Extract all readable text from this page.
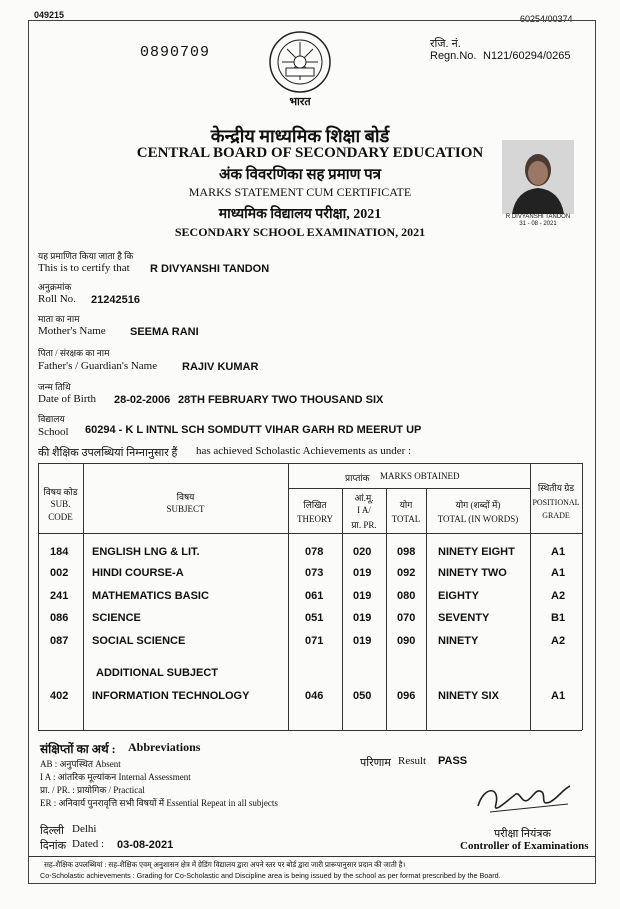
049215	60254/00374
0890709
भारत
रजि. नं.
Regn.No. N121/60294/0265
केन्द्रीय माध्यमिक शिक्षा बोर्ड
CENTRAL BOARD OF SECONDARY EDUCATION
अंक विवरणिका सह प्रमाण पत्र
MARKS STATEMENT CUM CERTIFICATE
माध्यमिक विद्यालय परीक्षा, 2021
SECONDARY SCHOOL EXAMINATION, 2021
R DIVYANSHI TANDON
31 - 08 - 2021
यह प्रमाणित किया जाता है कि
This is to certify that R DIVYANSHI TANDON
अनुक्रमांक
Roll No. 21242516
माता का नाम
Mother's Name SEEMA RANI
पिता / संरक्षक का नाम
Father's / Guardian's Name RAJIV KUMAR
जन्म तिथि
Date of Birth 28-02-2006 28TH FEBRUARY TWO THOUSAND SIX
विद्यालय
School 60294 - K L INTNL SCH SOMDUTT VIHAR GARH RD MEERUT UP
की शैक्षिक उपलब्धियां निम्नानुसार हैं has achieved Scholastic Achievements as under :
विषय कोड
SUB. CODE
विषय
SUBJECT
प्राप्तांक MARKS OBTAINED
लिखित
THEORY
आं.मू.
I A/
प्रा. PR.
योग
TOTAL
योग (शब्दों में)
TOTAL (IN WORDS)
स्थितीय ग्रेड
POSITIONAL GRADE
184 ENGLISH LNG & LIT.	078	020 098 NINETY EIGHT	A1
002 HINDI COURSE-A	073	019 092 NINETY TWO	A1
241 MATHEMATICS BASIC	061	019 080 EIGHTY	A2
086 SCIENCE	051	019 070 SEVENTY	B1
087 SOCIAL SCIENCE	071	019 090 NINETY	A2
ADDITIONAL SUBJECT
402 INFORMATION TECHNOLOGY	046	050 096 NINETY SIX	A1
संक्षिप्तों का अर्थ : Abbreviations
AB : अनुपस्थित Absent
I A : आंतरिक मूल्यांकन Internal Assessment
प्रा. / PR. : प्रायोगिक / Practical
ER : अनिवार्य पुनरावृत्ति सभी विषयों में Essential Repeat in all subjects
परिणाम Result PASS
दिल्ली Delhi
दिनांक Dated : 03-08-2021
परीक्षा नियंत्रक
Controller of Examinations
सह-शैक्षिक उपलब्धियां : सह-शैक्षिक एवम् अनुशासन क्षेत्र में ग्रेडिंग विद्यालय द्वारा अपने स्तर पर बोर्ड द्वारा जारी प्रारूपानुसार प्रदान की जाती है।
Co-Scholastic achievements : Grading for Co-Scholastic and Discipline area is being issued by the school as per format prescribed by the Board.
